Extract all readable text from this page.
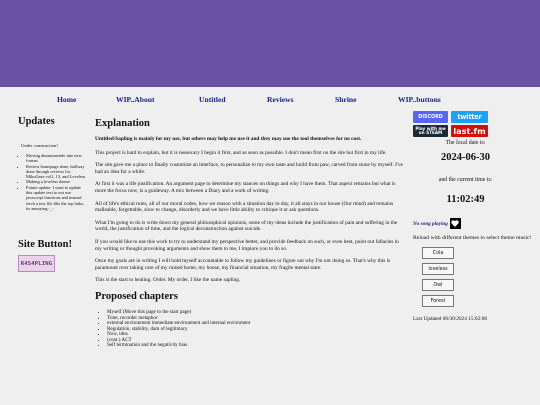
Home	WIP..About	Untitled	Reviews	Shrine	WIP..buttons
Updates
Under construction!
• Moving dimminuendo into new format
• Review homepage done, halfway done through reviews for MikuGaze vol1, 13, and Loveless
• Making a loveless theme
• Future update: I want to update this update text to not use javascript functions and instead fetch a text file like the top links, its annoying -_-
Site Button!
R4S4PLING
Explanation

Untitled/Sapling is mainly for my use, but others may help me use it and they may use the tool themselves for no cost.

This project is hard to explain, but it is nessecary I begin it first, and as soon as possible. I don't mean first on the site but first in my life.

The site gave me a place to finally customize an interface, to personalize to my own taste and build from paw, carved from stone by myself. I've had an idea for a while.

At first it was a life justification. An argument page to determine my stances on things and why I have them. That aspect remains but what is more the focus now, is a guideway. A mix between a Diary and a work of writing.

All of life's ethical rules, all of our moral codes, how we reason with a situation day to day, it all stays in our house (Our mind) and remains malleable, forgettable, slow to change, disorderly and we have little ability to critique it or ask questions.

What I'm going to do is write down my general philosophical opinions, some of my ideas include the justification of pain and suffering in the world, the justification of time, and the logical deconstruction against suicide.

If you would like to use this work to try to understand my perspective better, and provide feedback on such, or even best, point out fallacies in my writing or thought provoking arguments and show them to me, I implore you to do so.

Once my goals are in writing I will hold myself accountable to follow my guidelines or figure out why I'm not doing so. That's why this is paramount over taking care of my ruined home, my house, my financial situation, my fragile mental state.

This is the start to healing. Order. My order. I like the name sapling.

Proposed chapters
• Myself (Move this page to the start page)
• Time, recorder metaphor
• external environment immediate environment and internal enviroment
• Regulation, stability, dam of legitimacy
• Now, idea
• (cont.) ACT
• Self termination and the negativity bias
DISCORD	twitter
Play with me on STEAM	last.fm
The local date is:
2024-06-30
and the current time is:
11:02:49
No song playing
Reload with different themes to select theme music!
Cola
loveless
Owl
Forest
Last Updated 06/30/2024 15:02:08
